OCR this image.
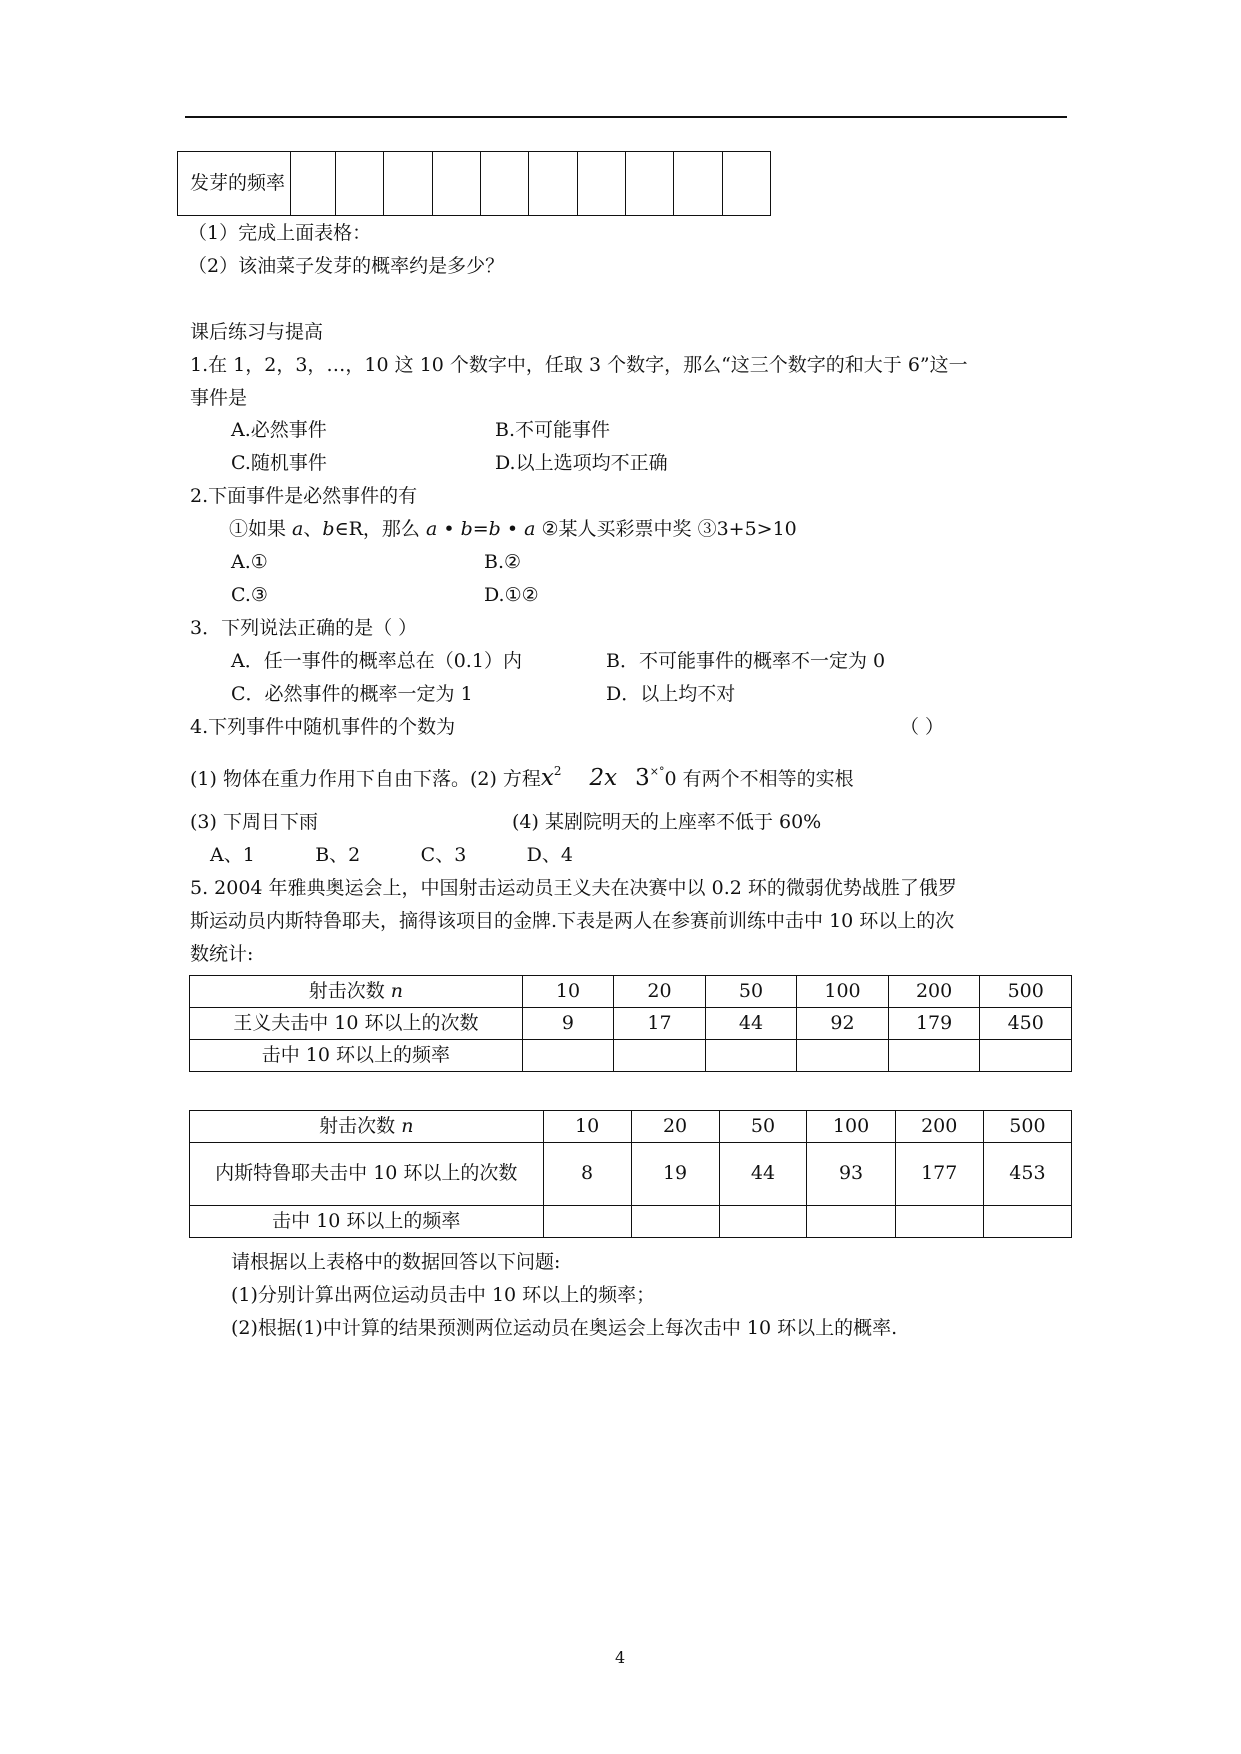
发芽的频率

（1）完成上面表格：
（2）该油菜子发芽的概率约是多少？
课后练习与提高
1.在 1，2，3，…，10 这 10 个数字中，任取 3 个数字，那么“这三个数字的和大于 6”这一
事件是
A.必然事件	B.不可能事件
C.随机事件	D.以上选项均不正确
2.下面事件是必然事件的有
①如果 a、b∈R，那么 a • b=b • a ②某人买彩票中奖 ③3+5>10
A.①	B.②
C.③	D.①②
3．下列说法正确的是（ ）
A．任一事件的概率总在（0.1）内	B．不可能事件的概率不一定为 0
C．必然事件的概率一定为 1	D．以上均不对
4.下列事件中随机事件的个数为	（ ）
(1) 物体在重力作用下自由下落。(2) 方程$x^2$ 2x 3×°0 有两个不相等的实根
(3) 下周日下雨	(4) 某剧院明天的上座率不低于 60%
A、1          B、2          C、3          D、4
5. 2004 年雅典奥运会上，中国射击运动员王义夫在决赛中以 0.2 环的微弱优势战胜了俄罗
斯运动员内斯特鲁耶夫，摘得该项目的金牌.下表是两人在参赛前训练中击中 10 环以上的次
数统计:
射击次数 n	10	20	50	100	200	500
王义夫击中 10 环以上的次数	9	17	44	92	179	450
击中 10 环以上的频率						
射击次数 n	10	20	50	100	200	500

内斯特鲁耶夫击中 10 环以上的次数	8	19	44	93	177	453
击中 10 环以上的频率						
请根据以上表格中的数据回答以下问题:
(1)分别计算出两位运动员击中 10 环以上的频率；
(2)根据(1)中计算的结果预测两位运动员在奥运会上每次击中 10 环以上的概率.
4
